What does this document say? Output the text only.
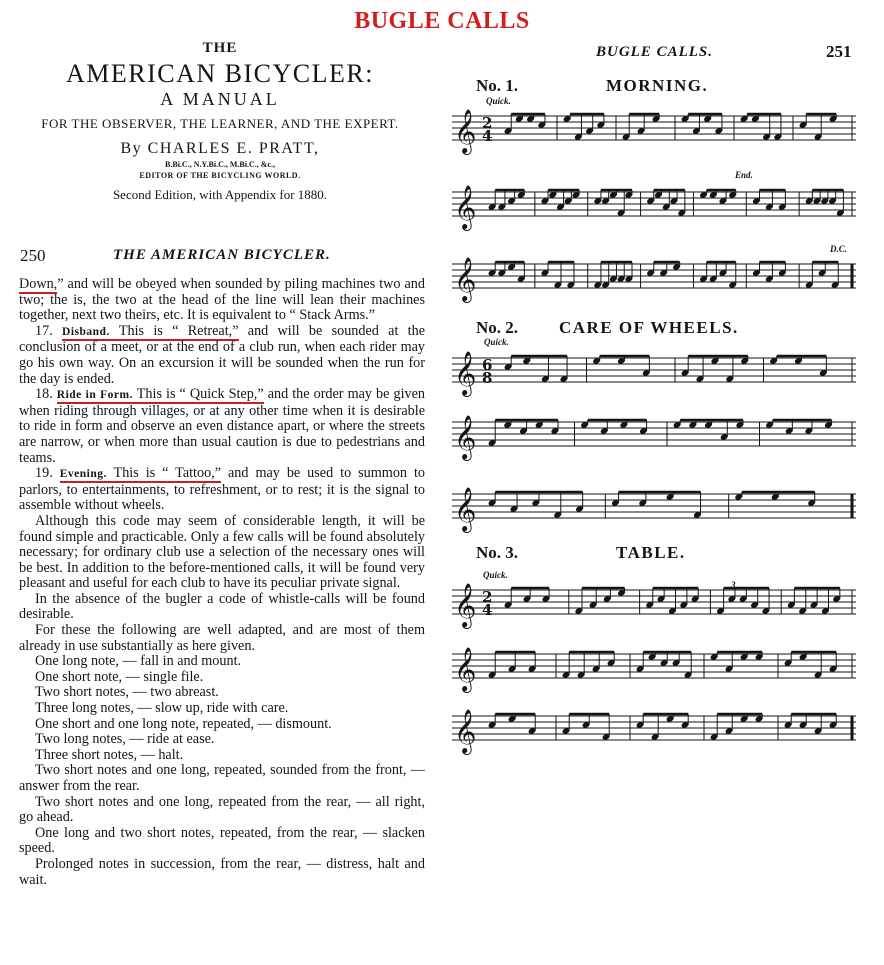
BUGLE CALLS
THE
AMERICAN BICYCLER:
A MANUAL
FOR THE OBSERVER, THE LEARNER, AND THE EXPERT.
By CHARLES E. PRATT,
B.Bi.C., N.Y.Bi.C., M.Bi.C., &c.,
EDITOR OF THE BICYCLING WORLD.
Second Edition, with Appendix for 1880.
250	THE AMERICAN BICYCLER.

Down,” and will be obeyed when sounded by piling machines two and two; the is, the two at the head of the line will lean their machines together, next two theirs, etc. It is equivalent to “ Stack Arms.”

17. Disband. This is “ Retreat,” and will be sounded at the conclusion of a meet, or at the end of a club run, when each rider may go his own way. On an excursion it will be sounded when the run for the day is ended.

18. Ride in Form. This is “ Quick Step,” and the order may be given when riding through villages, or at any other time when it is desirable to ride in form and observe an even distance apart, or where the streets are narrow, or when more than usual caution is due to pedestrians and teams.

19. Evening. This is “ Tattoo,” and may be used to summon to parlors, to entertainments, to refreshment, or to rest; it is the signal to assemble without wheels.

Although this code may seem of considerable length, it will be found simple and practicable. Only a few calls will be found absolutely necessary; for ordinary club use a selection of the necessary ones will be best. In addition to the before-mentioned calls, it will be found very pleasant and useful for each club to have its peculiar private signal.

In the absence of the bugler a code of whistle-calls will be found desirable.

For these the following are well adapted, and are most of them already in use substantially as here given.

One long note, — fall in and mount.

One short note, — single file.

Two short notes, — two abreast.

Three long notes, — slow up, ride with care.

One short and one long note, repeated, — dismount.

Two long notes, — ride at ease.

Three short notes, — halt.

Two short notes and one long, repeated, sounded from the front, — answer from the rear.

Two short notes and one long, repeated from the rear, — all right, go ahead.

One long and two short notes, repeated, from the rear, — slacken speed.

Prolonged notes in succession, from the rear, — distress, halt and wait.

BUGLE CALLS.	251
No. 1.	MORNING.
Quick.
End.
D.C.
𝄞 2
4
𝄞
𝄞
No. 2. CARE OF WHEELS.
Quick.
𝄞 6
8
𝄞
𝄞
No. 3.	TABLE.
Quick.
3
𝄞 2
4
𝄞
𝄞
